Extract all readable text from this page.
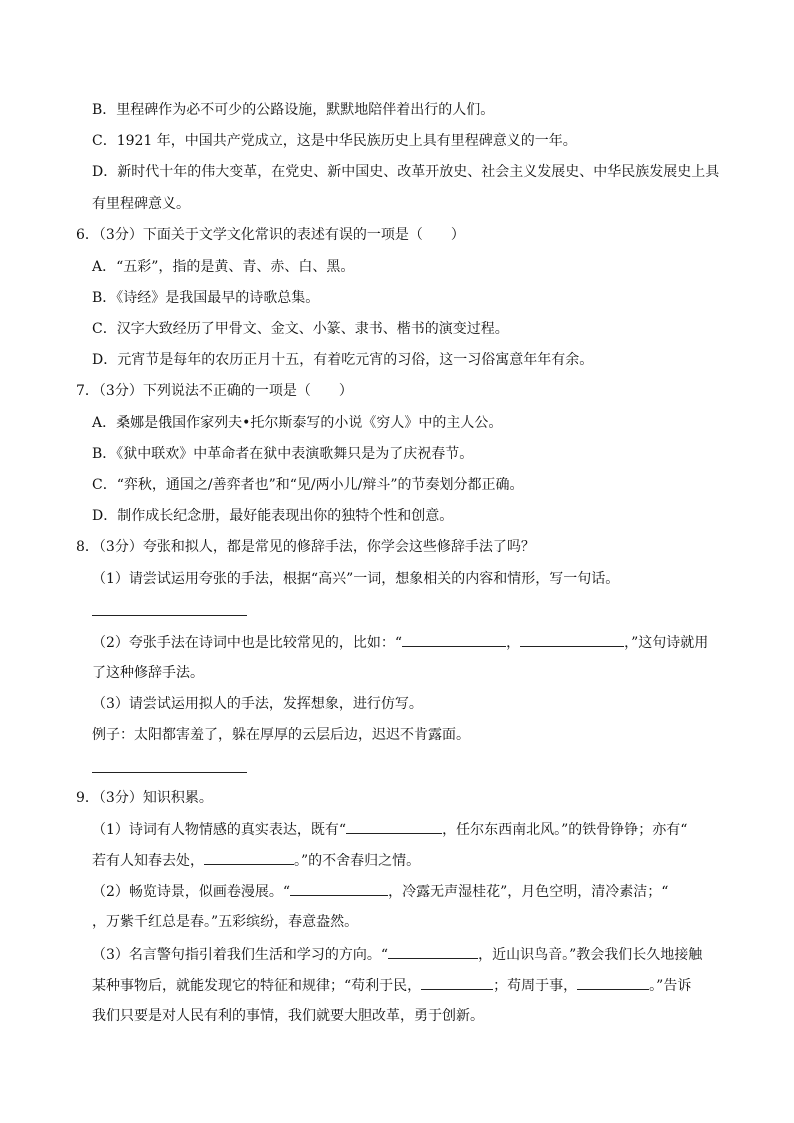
B．里程碑作为必不可少的公路设施，默默地陪伴着出行的人们。
C．1921 年，中国共产党成立，这是中华民族历史上具有里程碑意义的一年。
D．新时代十年的伟大变革，在党史、新中国史、改革开放史、社会主义发展史、中华民族发展史上具
有里程碑意义。
6．（3分）下面关于文学文化常识的表述有误的一项是（　　）
A．“五彩”，指的是黄、青、赤、白、黑。
B．《诗经》是我国最早的诗歌总集。
C．汉字大致经历了甲骨文、金文、小篆、隶书、楷书的演变过程。
D．元宵节是每年的农历正月十五，有着吃元宵的习俗，这一习俗寓意年年有余。
7．（3分）下列说法不正确的一项是（　　）
A．桑娜是俄国作家列夫•托尔斯泰写的小说《穷人》中的主人公。
B．《狱中联欢》中革命者在狱中表演歌舞只是为了庆祝春节。
C．“弈秋，通国之/善弈者也”和“见/两小儿/辩斗”的节奏划分都正确。
D．制作成长纪念册，最好能表现出你的独特个性和创意。
8．（3分）夸张和拟人，都是常见的修辞手法，你学会这些修辞手法了吗？
（1）请尝试运用夸张的手法，根据“高兴”一词，想象相关的内容和情形，写一句话。
（2）夸张手法在诗词中也是比较常见的，比如：“	，	，”这句诗就用
了这种修辞手法。
（3）请尝试运用拟人的手法，发挥想象，进行仿写。
例子：太阳都害羞了，躲在厚厚的云层后边，迟迟不肯露面。
9．（3分）知识积累。
（1）诗词有人物情感的真实表达，既有“	，任尔东西南北风。”的铁骨铮铮；亦有“
若有人知春去处，	。”的不舍春归之情。
（2）畅览诗景，似画卷漫展。“	，冷露无声湿桂花”，月色空明，清冷素洁；“
，万紫千红总是春。”五彩缤纷，春意盎然。
（3）名言警句指引着我们生活和学习的方向。“	，近山识鸟音。”教会我们长久地接触
某种事物后，就能发现它的特征和规律；“苟利于民，	；苟周于事，	。”告诉
我们只要是对人民有利的事情，我们就要大胆改革，勇于创新。
